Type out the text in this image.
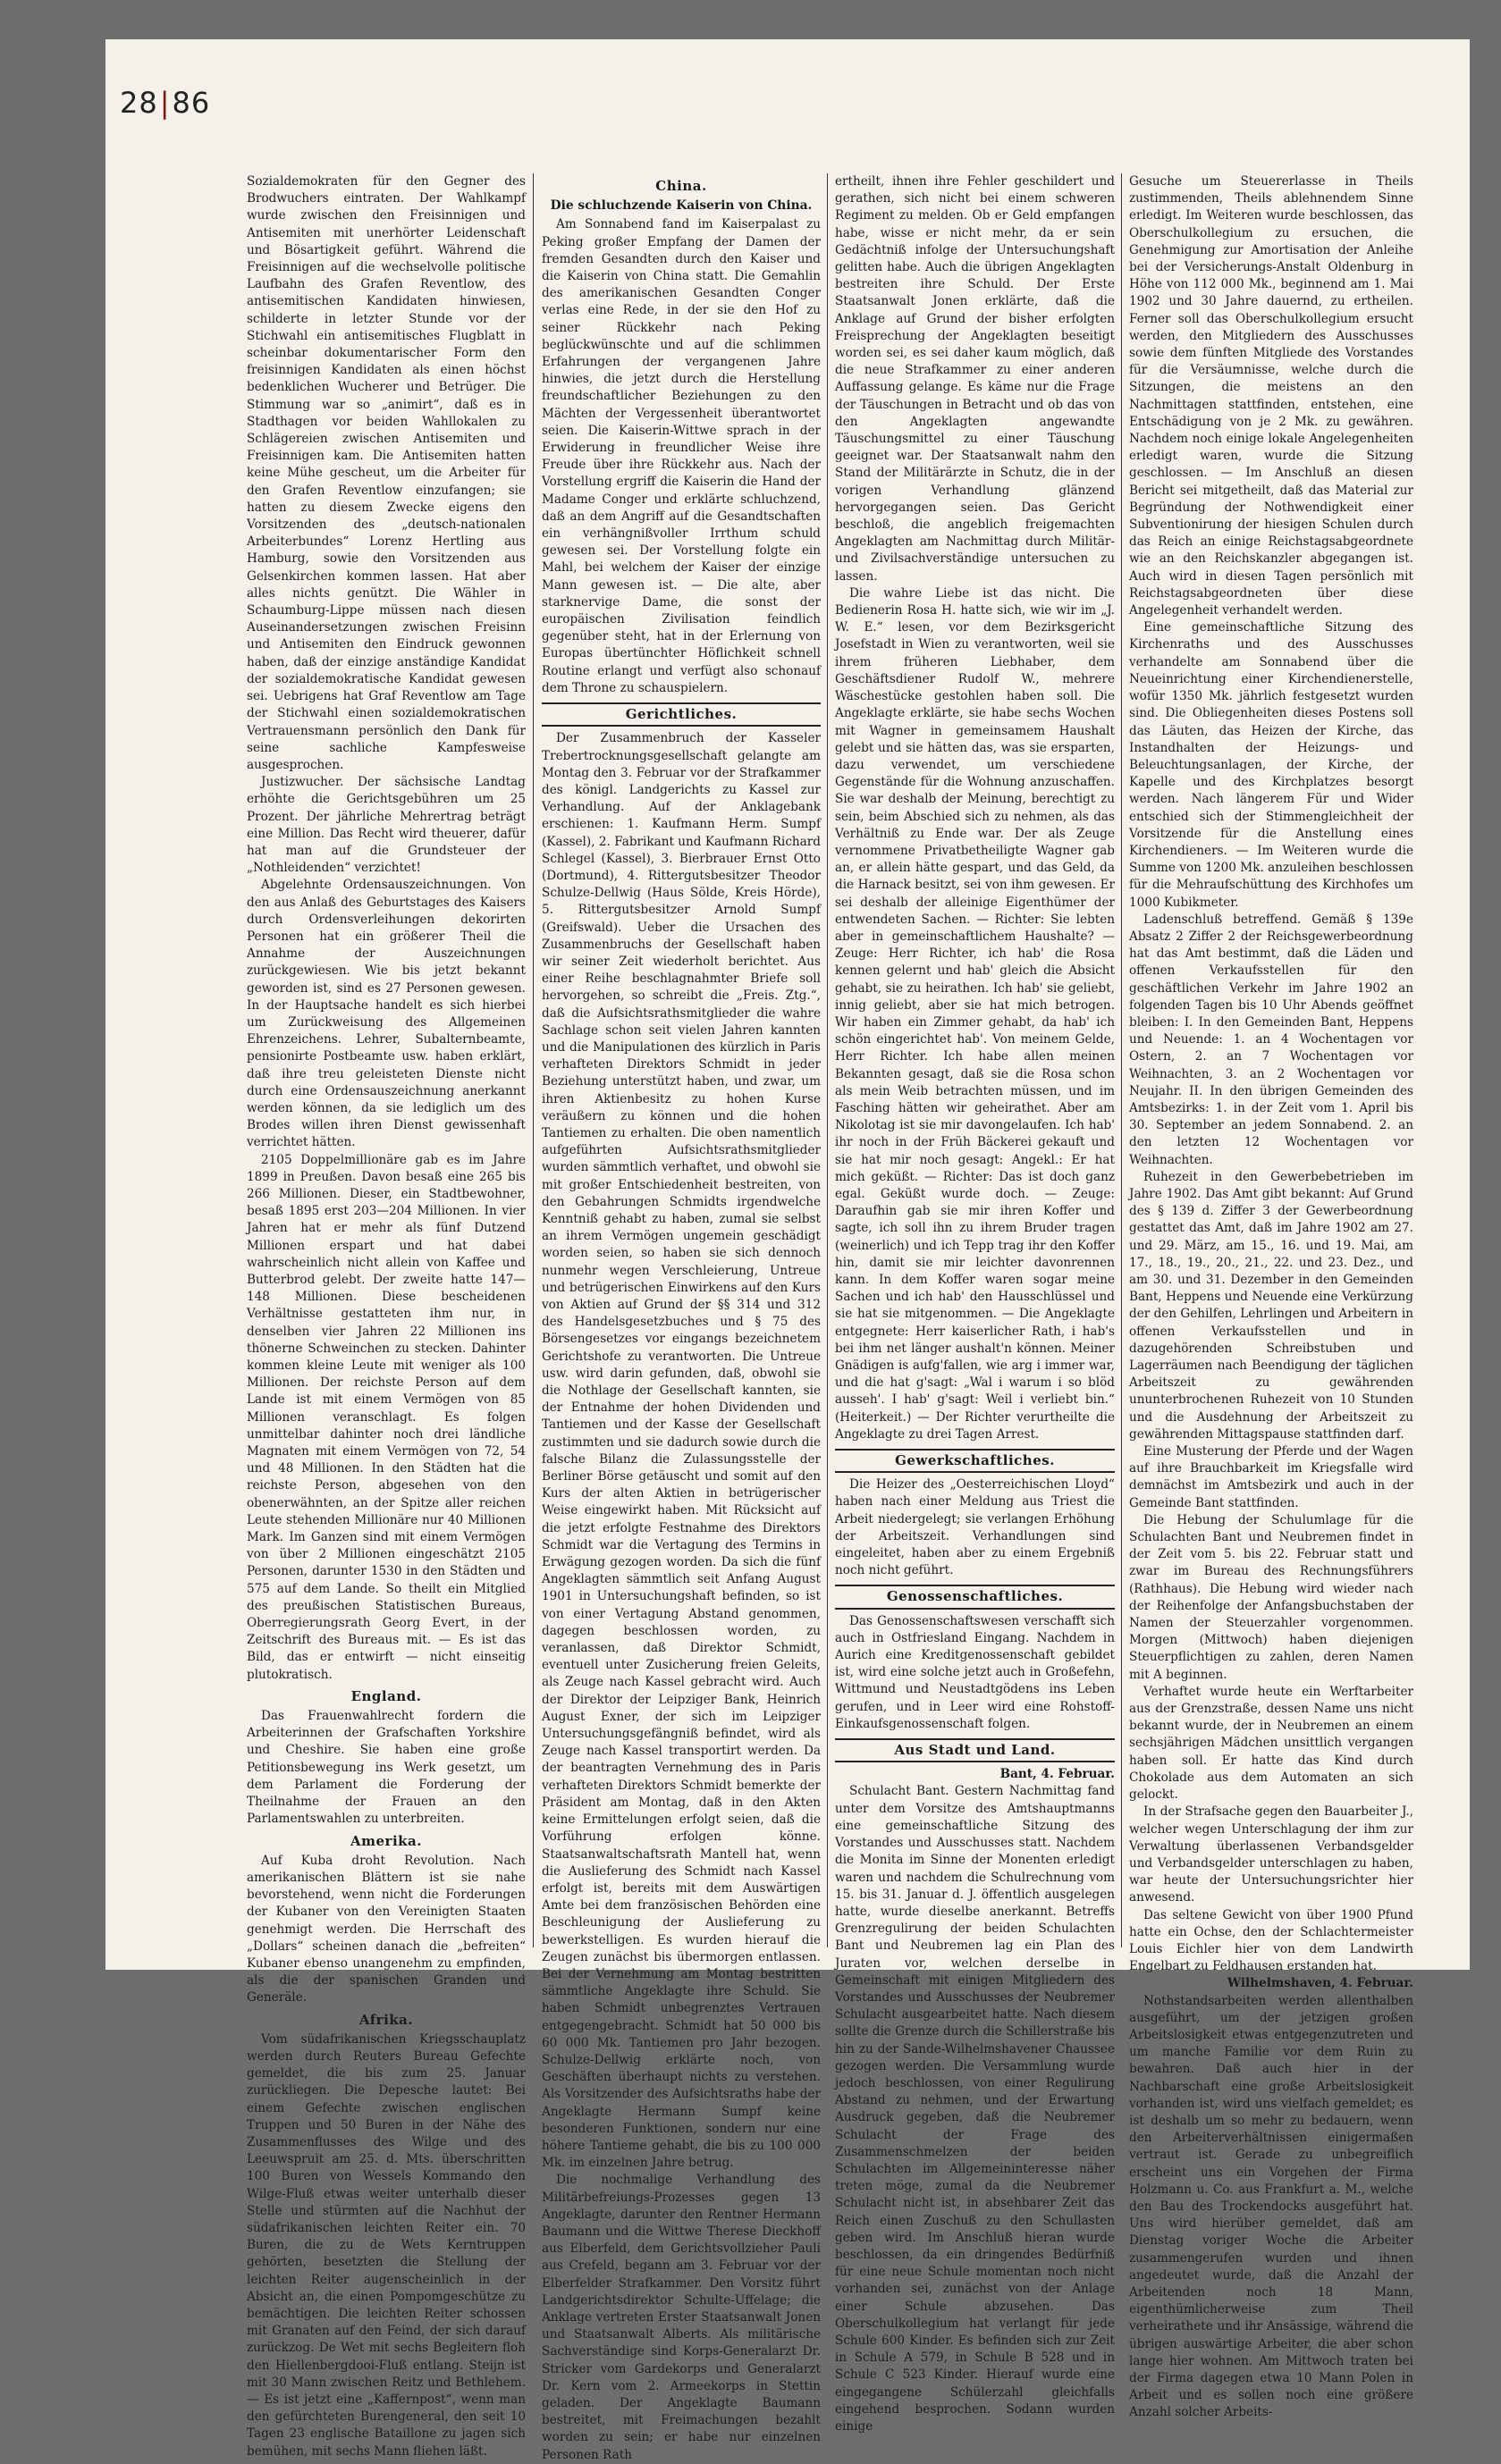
28|86

Sozialdemokraten für den Gegner des Brodwuchers eintraten. Der Wahlkampf wurde zwischen den Freisinnigen und Antisemiten mit unerhörter Leidenschaft und Bösartigkeit geführt. Während die Freisinnigen auf die wechselvolle politische Laufbahn des Grafen Reventlow, des antisemitischen Kandidaten hinwiesen, schilderte in letzter Stunde vor der Stichwahl ein antisemitisches Flugblatt in scheinbar dokumentarischer Form den freisinnigen Kandidaten als einen höchst bedenklichen Wucherer und Betrüger. Die Stimmung war so „animirt“, daß es in Stadthagen vor beiden Wahllokalen zu Schlägereien zwischen Antisemiten und Freisinnigen kam. Die Antisemiten hatten keine Mühe gescheut, um die Arbeiter für den Grafen Reventlow einzufangen; sie hatten zu diesem Zwecke eigens den Vorsitzenden des „deutsch-nationalen Arbeiterbundes“ Lorenz Hertling aus Hamburg, sowie den Vorsitzenden aus Gelsenkirchen kommen lassen. Hat aber alles nichts genützt. Die Wähler in Schaumburg-Lippe müssen nach diesen Auseinandersetzungen zwischen Freisinn und Antisemiten den Eindruck gewonnen haben, daß der einzige anständige Kandidat der sozialdemokratische Kandidat gewesen sei. Uebrigens hat Graf Reventlow am Tage der Stichwahl einen sozialdemokratischen Vertrauensmann persönlich den Dank für seine sachliche Kampfesweise ausgesprochen.

Justizwucher. Der sächsische Landtag erhöhte die Gerichtsgebühren um 25 Prozent. Der jährliche Mehrertrag beträgt eine Million. Das Recht wird theuerer, dafür hat man auf die Grundsteuer der „Nothleidenden“ verzichtet!

Abgelehnte Ordensauszeichnungen. Von den aus Anlaß des Geburtstages des Kaisers durch Ordensverleihungen dekorirten Personen hat ein größerer Theil die Annahme der Auszeichnungen zurückgewiesen. Wie bis jetzt bekannt geworden ist, sind es 27 Personen gewesen. In der Hauptsache handelt es sich hierbei um Zurückweisung des Allgemeinen Ehrenzeichens. Lehrer, Subalternbeamte, pensionirte Postbeamte usw. haben erklärt, daß ihre treu geleisteten Dienste nicht durch eine Ordensauszeichnung anerkannt werden können, da sie lediglich um des Brodes willen ihren Dienst gewissenhaft verrichtet hätten.

2105 Doppelmillionäre gab es im Jahre 1899 in Preußen. Davon besaß eine 265 bis 266 Millionen. Dieser, ein Stadtbewohner, besaß 1895 erst 203—204 Millionen. In vier Jahren hat er mehr als fünf Dutzend Millionen erspart und hat dabei wahrscheinlich nicht allein von Kaffee und Butterbrod gelebt. Der zweite hatte 147—148 Millionen. Diese bescheidenen Verhältnisse gestatteten ihm nur, in denselben vier Jahren 22 Millionen ins thönerne Schweinchen zu stecken. Dahinter kommen kleine Leute mit weniger als 100 Millionen. Der reichste Person auf dem Lande ist mit einem Vermögen von 85 Millionen veranschlagt. Es folgen unmittelbar dahinter noch drei ländliche Magnaten mit einem Vermögen von 72, 54 und 48 Millionen. In den Städten hat die reichste Person, abgesehen von den obenerwähnten, an der Spitze aller reichen Leute stehenden Millionäre nur 40 Millionen Mark. Im Ganzen sind mit einem Vermögen von über 2 Millionen eingeschätzt 2105 Personen, darunter 1530 in den Städten und 575 auf dem Lande. So theilt ein Mitglied des preußischen Statistischen Bureaus, Oberregierungsrath Georg Evert, in der Zeitschrift des Bureaus mit. — Es ist das Bild, das er entwirft — nicht einseitig plutokratisch.

England.

Das Frauenwahlrecht fordern die Arbeiterinnen der Grafschaften Yorkshire und Cheshire. Sie haben eine große Petitionsbewegung ins Werk gesetzt, um dem Parlament die Forderung der Theilnahme der Frauen an den Parlamentswahlen zu unterbreiten.

Amerika.

Auf Kuba droht Revolution. Nach amerikanischen Blättern ist sie nahe bevorstehend, wenn nicht die Forderungen der Kubaner von den Vereinigten Staaten genehmigt werden. Die Herrschaft des „Dollars“ scheinen danach die „befreiten“ Kubaner ebenso unangenehm zu empfinden, als die der spanischen Granden und Generäle.

Afrika.

Vom südafrikanischen Kriegsschauplatz werden durch Reuters Bureau Gefechte gemeldet, die bis zum 25. Januar zurückliegen. Die Depesche lautet: Bei einem Gefechte zwischen englischen Truppen und 50 Buren in der Nähe des Zusammenflusses des Wilge und des Leeuwspruit am 25. d. Mts. überschritten 100 Buren von Wessels Kommando den Wilge-Fluß etwas weiter unterhalb dieser Stelle und stürmten auf die Nachhut der südafrikanischen leichten Reiter ein. 70 Buren, die zu de Wets Kerntruppen gehörten, besetzten die Stellung der leichten Reiter augenscheinlich in der Absicht an, die einen Pompomgeschütze zu bemächtigen. Die leichten Reiter schossen mit Granaten auf den Feind, der sich darauf zurückzog. De Wet mit sechs Begleitern floh den Hiellenbergdooi-Fluß entlang. Steijn ist mit 30 Mann zwischen Reitz und Bethlehem. — Es ist jetzt eine „Kaffernpost“, wenn man den gefürchteten Burengeneral, den seit 10 Tagen 23 englische Bataillone zu jagen sich bemühen, mit sechs Mann fliehen läßt.

China.
Die schluchzende Kaiserin von China.

Am Sonnabend fand im Kaiserpalast zu Peking großer Empfang der Damen der fremden Gesandten durch den Kaiser und die Kaiserin von China statt. Die Gemahlin des amerikanischen Gesandten Conger verlas eine Rede, in der sie den Hof zu seiner Rückkehr nach Peking beglückwünschte und auf die schlimmen Erfahrungen der vergangenen Jahre hinwies, die jetzt durch die Herstellung freundschaftlicher Beziehungen zu den Mächten der Vergessenheit überantwortet seien. Die Kaiserin-Wittwe sprach in der Erwiderung in freundlicher Weise ihre Freude über ihre Rückkehr aus. Nach der Vorstellung ergriff die Kaiserin die Hand der Madame Conger und erklärte schluchzend, daß an dem Angriff auf die Gesandtschaften ein verhängnißvoller Irrthum schuld gewesen sei. Der Vorstellung folgte ein Mahl, bei welchem der Kaiser der einzige Mann gewesen ist. — Die alte, aber starknervige Dame, die sonst der europäischen Zivilisation feindlich gegenüber steht, hat in der Erlernung von Europas übertünchter Höflichkeit schnell Routine erlangt und verfügt also schonauf dem Throne zu schauspielern.

Gerichtliches.

Der Zusammenbruch der Kasseler Trebertrocknungsgesellschaft gelangte am Montag den 3. Februar vor der Strafkammer des königl. Landgerichts zu Kassel zur Verhandlung. Auf der Anklagebank erschienen: 1. Kaufmann Herm. Sumpf (Kassel), 2. Fabrikant und Kaufmann Richard Schlegel (Kassel), 3. Bierbrauer Ernst Otto (Dortmund), 4. Rittergutsbesitzer Theodor Schulze-Dellwig (Haus Sölde, Kreis Hörde), 5. Rittergutsbesitzer Arnold Sumpf (Greifswald). Ueber die Ursachen des Zusammenbruchs der Gesellschaft haben wir seiner Zeit wiederholt berichtet. Aus einer Reihe beschlagnahmter Briefe soll hervorgehen, so schreibt die „Freis. Ztg.“, daß die Aufsichtsrathsmitglieder die wahre Sachlage schon seit vielen Jahren kannten und die Manipulationen des kürzlich in Paris verhafteten Direktors Schmidt in jeder Beziehung unterstützt haben, und zwar, um ihren Aktienbesitz zu hohen Kurse veräußern zu können und die hohen Tantiemen zu erhalten. Die oben namentlich aufgeführten Aufsichtsrathsmitglieder wurden sämmtlich verhaftet, und obwohl sie mit großer Entschiedenheit bestreiten, von den Gebahrungen Schmidts irgendwelche Kenntniß gehabt zu haben, zumal sie selbst an ihrem Vermögen ungemein geschädigt worden seien, so haben sie sich dennoch nunmehr wegen Verschleierung, Untreue und betrügerischen Einwirkens auf den Kurs von Aktien auf Grund der §§ 314 und 312 des Handelsgesetzbuches und § 75 des Börsengesetzes vor eingangs bezeichnetem Gerichtshofe zu verantworten. Die Untreue usw. wird darin gefunden, daß, obwohl sie die Nothlage der Gesellschaft kannten, sie der Entnahme der hohen Dividenden und Tantiemen und der Kasse der Gesellschaft zustimmten und sie dadurch sowie durch die falsche Bilanz die Zulassungsstelle der Berliner Börse getäuscht und somit auf den Kurs der alten Aktien in betrügerischer Weise eingewirkt haben. Mit Rücksicht auf die jetzt erfolgte Festnahme des Direktors Schmidt war die Vertagung des Termins in Erwägung gezogen worden. Da sich die fünf Angeklagten sämmtlich seit Anfang August 1901 in Untersuchungshaft befinden, so ist von einer Vertagung Abstand genommen, dagegen beschlossen worden, zu veranlassen, daß Direktor Schmidt, eventuell unter Zusicherung freien Geleits, als Zeuge nach Kassel gebracht wird. Auch der Direktor der Leipziger Bank, Heinrich August Exner, der sich im Leipziger Untersuchungsgefängniß befindet, wird als Zeuge nach Kassel transportirt werden. Da der beantragten Vernehmung des in Paris verhafteten Direktors Schmidt bemerkte der Präsident am Montag, daß in den Akten keine Ermittelungen erfolgt seien, daß die Vorführung erfolgen könne. Staatsanwaltschaftsrath Mantell hat, wenn die Auslieferung des Schmidt nach Kassel erfolgt ist, bereits mit dem Auswärtigen Amte bei dem französischen Behörden eine Beschleunigung der Auslieferung zu bewerkstelligen. Es wurden hierauf die Zeugen zunächst bis übermorgen entlassen. Bei der Vernehmung am Montag bestritten sämmtliche Angeklagte ihre Schuld. Sie haben Schmidt unbegrenztes Vertrauen entgegengebracht. Schmidt hat 50 000 bis 60 000 Mk. Tantiemen pro Jahr bezogen. Schulze-Dellwig erklärte noch, von Geschäften überhaupt nichts zu verstehen. Als Vorsitzender des Aufsichtsraths habe der Angeklagte Hermann Sumpf keine besonderen Funktionen, sondern nur eine höhere Tantieme gehabt, die bis zu 100 000 Mk. im einzelnen Jahre betrug.

Die nochmalige Verhandlung des Militärbefreiungs-Prozesses gegen 13 Angeklagte, darunter den Rentner Hermann Baumann und die Wittwe Therese Dieckhoff aus Elberfeld, dem Gerichtsvollzieher Pauli aus Crefeld, begann am 3. Februar vor der Elberfelder Strafkammer. Den Vorsitz führt Landgerichtsdirektor Schulte-Uffelage; die Anklage vertreten Erster Staatsanwalt Jonen und Staatsanwalt Alberts. Als militärische Sachverständige sind Korps-Generalarzt Dr. Stricker vom Gardekorps und Generalarzt Dr. Kern vom 2. Armeekorps in Stettin geladen. Der Angeklagte Baumann bestreitet, mit Freimachungen bezahlt worden zu sein; er habe nur einzelnen Personen Rath

ertheilt, ihnen ihre Fehler geschildert und gerathen, sich nicht bei einem schweren Regiment zu melden. Ob er Geld empfangen habe, wisse er nicht mehr, da er sein Gedächtniß infolge der Untersuchungshaft gelitten habe. Auch die übrigen Angeklagten bestreiten ihre Schuld. Der Erste Staatsanwalt Jonen erklärte, daß die Anklage auf Grund der bisher erfolgten Freisprechung der Angeklagten beseitigt worden sei, es sei daher kaum möglich, daß die neue Strafkammer zu einer anderen Auffassung gelange. Es käme nur die Frage der Täuschungen in Betracht und ob das von den Angeklagten angewandte Täuschungsmittel zu einer Täuschung geeignet war. Der Staatsanwalt nahm den Stand der Militärärzte in Schutz, die in der vorigen Verhandlung glänzend hervorgegangen seien. Das Gericht beschloß, die angeblich freigemachten Angeklagten am Nachmittag durch Militär- und Zivilsachverständige untersuchen zu lassen.

Die wahre Liebe ist das nicht. Die Bedienerin Rosa H. hatte sich, wie wir im „J. W. E.“ lesen, vor dem Bezirksgericht Josefstadt in Wien zu verantworten, weil sie ihrem früheren Liebhaber, dem Geschäftsdiener Rudolf W., mehrere Wäschestücke gestohlen haben soll. Die Angeklagte erklärte, sie habe sechs Wochen mit Wagner in gemeinsamem Haushalt gelebt und sie hätten das, was sie ersparten, dazu verwendet, um verschiedene Gegenstände für die Wohnung anzuschaffen. Sie war deshalb der Meinung, berechtigt zu sein, beim Abschied sich zu nehmen, als das Verhältniß zu Ende war. Der als Zeuge vernommene Privatbetheiligte Wagner gab an, er allein hätte gespart, und das Geld, da die Harnack besitzt, sei von ihm gewesen. Er sei deshalb der alleinige Eigenthümer der entwendeten Sachen. — Richter: Sie lebten aber in gemeinschaftlichem Haushalte? — Zeuge: Herr Richter, ich hab' die Rosa kennen gelernt und hab' gleich die Absicht gehabt, sie zu heirathen. Ich hab' sie geliebt, innig geliebt, aber sie hat mich betrogen. Wir haben ein Zimmer gehabt, da hab' ich schön eingerichtet hab'. Von meinem Gelde, Herr Richter. Ich habe allen meinen Bekannten gesagt, daß sie die Rosa schon als mein Weib betrachten müssen, und im Fasching hätten wir geheirathet. Aber am Nikolotag ist sie mir davongelaufen. Ich hab' ihr noch in der Früh Bäckerei gekauft und sie hat mir noch gesagt: Angekl.: Er hat mich geküßt. — Richter: Das ist doch ganz egal. Geküßt wurde doch. — Zeuge: Daraufhin gab sie mir ihren Koffer und sagte, ich soll ihn zu ihrem Bruder tragen (weinerlich) und ich Tepp trag ihr den Koffer hin, damit sie mir leichter davonrennen kann. In dem Koffer waren sogar meine Sachen und ich hab' den Hausschlüssel und sie hat sie mitgenommen. — Die Angeklagte entgegnete: Herr kaiserlicher Rath, i hab's bei ihm net länger aushalt'n können. Meiner Gnädigen is aufg'fallen, wie arg i immer war, und die hat g'sagt: „Wal i warum i so blöd ausseh'. I hab' g'sagt: Weil i verliebt bin.“ (Heiterkeit.) — Der Richter verurtheilte die Angeklagte zu drei Tagen Arrest.

Gewerkschaftliches.

Die Heizer des „Oesterreichischen Lloyd“ haben nach einer Meldung aus Triest die Arbeit niedergelegt; sie verlangen Erhöhung der Arbeitszeit. Verhandlungen sind eingeleitet, haben aber zu einem Ergebniß noch nicht geführt.

Genossenschaftliches.

Das Genossenschaftswesen verschafft sich auch in Ostfriesland Eingang. Nachdem in Aurich eine Kreditgenossenschaft gebildet ist, wird eine solche jetzt auch in Großefehn, Wittmund und Neustadtgödens ins Leben gerufen, und in Leer wird eine Rohstoff-Einkaufsgenossenschaft folgen.

Aus Stadt und Land.

Bant, 4. Februar.

Schulacht Bant. Gestern Nachmittag fand unter dem Vorsitze des Amtshauptmanns eine gemeinschaftliche Sitzung des Vorstandes und Ausschusses statt. Nachdem die Monita im Sinne der Monenten erledigt waren und nachdem die Schulrechnung vom 15. bis 31. Januar d. J. öffentlich ausgelegen hatte, wurde dieselbe anerkannt. Betreffs Grenzregulirung der beiden Schulachten Bant und Neubremen lag ein Plan des Juraten vor, welchen derselbe in Gemeinschaft mit einigen Mitgliedern des Vorstandes und Ausschusses der Neubremer Schulacht ausgearbeitet hatte. Nach diesem sollte die Grenze durch die Schillerstraße bis hin zu der Sande-Wilhelmshavener Chaussee gezogen werden. Die Versammlung wurde jedoch beschlossen, von einer Regulirung Abstand zu nehmen, und der Erwartung Ausdruck gegeben, daß die Neubremer Schulacht der Frage des Zusammenschmelzen der beiden Schulachten im Allgemeininteresse näher treten möge, zumal da die Neubremer Schulacht nicht ist, in absehbarer Zeit das Reich einen Zuschuß zu den Schullasten geben wird. Im Anschluß hieran wurde beschlossen, da ein dringendes Bedürfniß für eine neue Schule momentan noch nicht vorhanden sei, zunächst von der Anlage einer Schule abzusehen. Das Oberschulkollegium hat verlangt für jede Schule 600 Kinder. Es befinden sich zur Zeit in Schule A 579, in Schule B 528 und in Schule C 523 Kinder. Hierauf wurde eine eingegangene Schülerzahl gleichfalls eingehend besprochen. Sodann wurden einige

Gesuche um Steuererlasse in Theils zustimmenden, Theils ablehnendem Sinne erledigt. Im Weiteren wurde beschlossen, das Oberschulkollegium zu ersuchen, die Genehmigung zur Amortisation der Anleihe bei der Versicherungs-Anstalt Oldenburg in Höhe von 112 000 Mk., beginnend am 1. Mai 1902 und 30 Jahre dauernd, zu ertheilen. Ferner soll das Oberschulkollegium ersucht werden, den Mitgliedern des Ausschusses sowie dem fünften Mitgliede des Vorstandes für die Versäumnisse, welche durch die Sitzungen, die meistens an den Nachmittagen stattfinden, entstehen, eine Entschädigung von je 2 Mk. zu gewähren. Nachdem noch einige lokale Angelegenheiten erledigt waren, wurde die Sitzung geschlossen. — Im Anschluß an diesen Bericht sei mitgetheilt, daß das Material zur Begründung der Nothwendigkeit einer Subventionirung der hiesigen Schulen durch das Reich an einige Reichstagsabgeordnete wie an den Reichskanzler abgegangen ist. Auch wird in diesen Tagen persönlich mit Reichstagsabgeordneten über diese Angelegenheit verhandelt werden.

Eine gemeinschaftliche Sitzung des Kirchenraths und des Ausschusses verhandelte am Sonnabend über die Neueinrichtung einer Kirchendienerstelle, wofür 1350 Mk. jährlich festgesetzt wurden sind. Die Obliegenheiten dieses Postens soll das Läuten, das Heizen der Kirche, das Instandhalten der Heizungs- und Beleuchtungsanlagen, der Kirche, der Kapelle und des Kirchplatzes besorgt werden. Nach längerem Für und Wider entschied sich der Stimmengleichheit der Vorsitzende für die Anstellung eines Kirchendieners. — Im Weiteren wurde die Summe von 1200 Mk. anzuleihen beschlossen für die Mehraufschüttung des Kirchhofes um 1000 Kubikmeter.

Ladenschluß betreffend. Gemäß § 139e Absatz 2 Ziffer 2 der Reichsgewerbeordnung hat das Amt bestimmt, daß die Läden und offenen Verkaufsstellen für den geschäftlichen Verkehr im Jahre 1902 an folgenden Tagen bis 10 Uhr Abends geöffnet bleiben: I. In den Gemeinden Bant, Heppens und Neuende: 1. an 4 Wochentagen vor Ostern, 2. an 7 Wochentagen vor Weihnachten, 3. an 2 Wochentagen vor Neujahr. II. In den übrigen Gemeinden des Amtsbezirks: 1. in der Zeit vom 1. April bis 30. September an jedem Sonnabend. 2. an den letzten 12 Wochentagen vor Weihnachten.

Ruhezeit in den Gewerbebetrieben im Jahre 1902. Das Amt gibt bekannt: Auf Grund des § 139 d. Ziffer 3 der Gewerbeordnung gestattet das Amt, daß im Jahre 1902 am 27. und 29. März, am 15., 16. und 19. Mai, am 17., 18., 19., 20., 21., 22. und 23. Dez., und am 30. und 31. Dezember in den Gemeinden Bant, Heppens und Neuende eine Verkürzung der den Gehilfen, Lehrlingen und Arbeitern in offenen Verkaufsstellen und in dazugehörenden Schreibstuben und Lagerräumen nach Beendigung der täglichen Arbeitszeit zu gewährenden ununterbrochenen Ruhezeit von 10 Stunden und die Ausdehnung der Arbeitszeit zu gewährenden Mittagspause stattfinden darf.

Eine Musterung der Pferde und der Wagen auf ihre Brauchbarkeit im Kriegsfalle wird demnächst im Amtsbezirk und auch in der Gemeinde Bant stattfinden.

Die Hebung der Schulumlage für die Schulachten Bant und Neubremen findet in der Zeit vom 5. bis 22. Februar statt und zwar im Bureau des Rechnungsführers (Rathhaus). Die Hebung wird wieder nach der Reihenfolge der Anfangsbuchstaben der Namen der Steuerzahler vorgenommen. Morgen (Mittwoch) haben diejenigen Steuerpflichtigen zu zahlen, deren Namen mit A beginnen.

Verhaftet wurde heute ein Werftarbeiter aus der Grenzstraße, dessen Name uns nicht bekannt wurde, der in Neubremen an einem sechsjährigen Mädchen unsittlich vergangen haben soll. Er hatte das Kind durch Chokolade aus dem Automaten an sich gelockt.

In der Strafsache gegen den Bauarbeiter J., welcher wegen Unterschlagung der ihm zur Verwaltung überlassenen Verbandsgelder und Verbandsgelder unterschlagen zu haben, war heute der Untersuchungsrichter hier anwesend.

Das seltene Gewicht von über 1900 Pfund hatte ein Ochse, den der Schlachtermeister Louis Eichler hier von dem Landwirth Engelbart zu Feldhausen erstanden hat.

Wilhelmshaven, 4. Februar.

Nothstandsarbeiten werden allenthalben ausgeführt, um der jetzigen großen Arbeitslosigkeit etwas entgegenzutreten und um manche Familie vor dem Ruin zu bewahren. Daß auch hier in der Nachbarschaft eine große Arbeitslosigkeit vorhanden ist, wird uns vielfach gemeldet; es ist deshalb um so mehr zu bedauern, wenn den Arbeiterverhältnissen einigermaßen vertraut ist. Gerade zu unbegreiflich erscheint uns ein Vorgehen der Firma Holzmann u. Co. aus Frankfurt a. M., welche den Bau des Trockendocks ausgeführt hat. Uns wird hierüber gemeldet, daß am Dienstag voriger Woche die Arbeiter zusammengerufen wurden und ihnen angedeutet wurde, daß die Anzahl der Arbeitenden noch 18 Mann, eigenthümlicherweise zum Theil verheirathete und ihr Ansässige, während die übrigen auswärtige Arbeiter, die aber schon lange hier wohnen. Am Mittwoch traten bei der Firma dagegen etwa 10 Mann Polen in Arbeit und es sollen noch eine größere Anzahl solcher Arbeits-
